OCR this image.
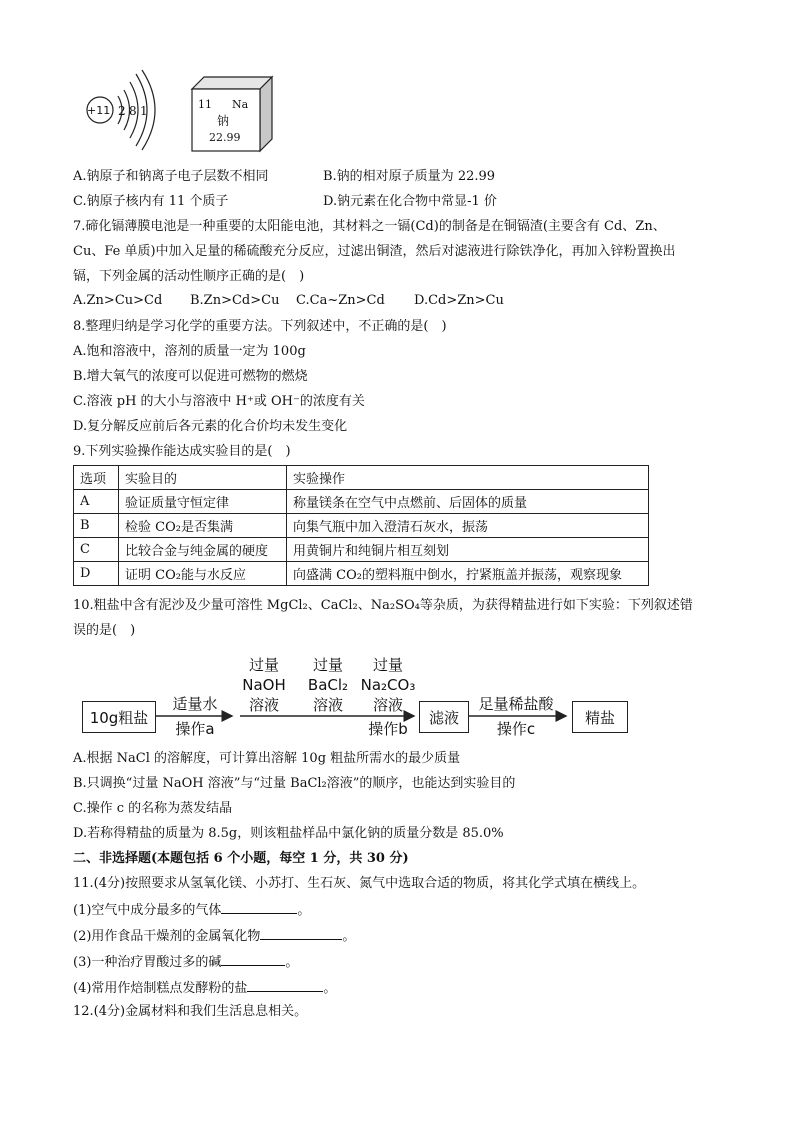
+11 2 8 1	11 Na
钠
22.99
A.钠原子和钠离子电子层数不相同	B.钠的相对原子质量为 22.99
C.钠原子核内有 11 个质子	D.钠元素在化合物中常显-1 价
7.碲化镉薄膜电池是一种重要的太阳能电池，其材料之一镉(Cd)的制备是在铜镉渣(主要含有 Cd、Zn、
Cu、Fe 单质)中加入足量的稀硫酸充分反应，过滤出铜渣，然后对滤液进行除铁净化，再加入锌粉置换出
镉，下列金属的活动性顺序正确的是(　)
A.Zn>Cu>Cd B.Zn>Cd>Cu C.Ca~Zn>Cd D.Cd>Zn>Cu
8.整理归纳是学习化学的重要方法。下列叙述中，不正确的是(　)
A.饱和溶液中，溶剂的质量一定为 100g
B.增大氧气的浓度可以促进可燃物的燃烧
C.溶液 pH 的大小与溶液中 H⁺或 OH⁻的浓度有关
D.复分解反应前后各元素的化合价均未发生变化
9.下列实验操作能达成实验目的是(　)
选项	实验目的	实验操作
A	验证质量守恒定律	称量镁条在空气中点燃前、后固体的质量
B	检验 CO₂是否集满	向集气瓶中加入澄清石灰水，振荡
C	比较合金与纯金属的硬度	用黄铜片和纯铜片相互刻划
D	证明 CO₂能与水反应	向盛满 CO₂的塑料瓶中倒水，拧紧瓶盖并振荡，观察现象
10.粗盐中含有泥沙及少量可溶性 MgCl₂、CaCl₂、Na₂SO₄等杂质，为获得精盐进行如下实验：下列叙述错
误的是(　)
10g粗盐
适量水
操作a
过量
NaOH
溶液
过量
BaCl₂
溶液
过量
Na₂CO₃
溶液
操作b
滤液
足量稀盐酸
操作c
精盐
A.根据 NaCl 的溶解度，可计算出溶解 10g 粗盐所需水的最少质量
B.只调换“过量 NaOH 溶液”与“过量 BaCl₂溶液”的顺序，也能达到实验目的
C.操作 c 的名称为蒸发结晶
D.若称得精盐的质量为 8.5g，则该粗盐样品中氯化钠的质量分数是 85.0%
二、非选择题(本题包括 6 个小题，每空 1 分，共 30 分)
11.(4分)按照要求从氢氧化镁、小苏打、生石灰、氮气中选取合适的物质，将其化学式填在横线上。
(1)空气中成分最多的气体	。
(2)用作食品干燥剂的金属氧化物	。
(3)一种治疗胃酸过多的碱	。
(4)常用作焙制糕点发酵粉的盐	。
12.(4分)金属材料和我们生活息息相关。
